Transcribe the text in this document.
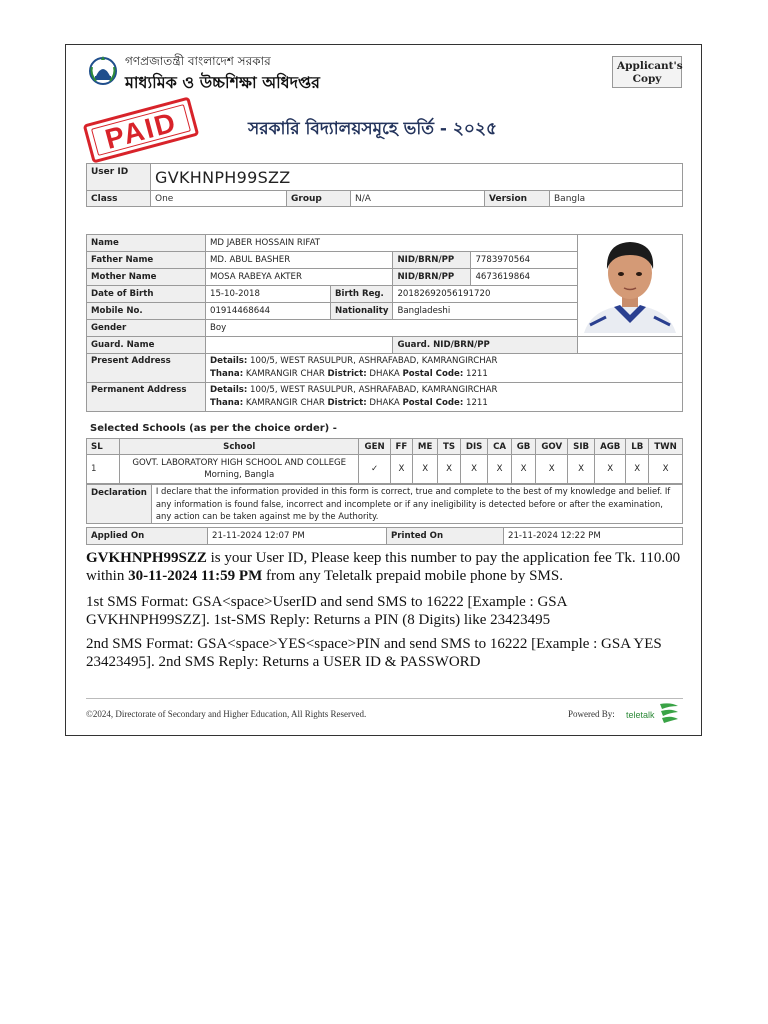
গণপ্রজাতন্ত্রী বাংলাদেশ সরকার
মাধ্যমিক ও উচ্চশিক্ষা অধিদপ্তর
Applicant's Copy
PAID	সরকারি বিদ্যালয়সমূহে ভর্তি - ২০২৫
User ID	GVKHNPH99SZZ				
Class	One	Group	N/A	Version	Bangla
Name	MD JABER HOSSAIN RIFAT	
Father Name	MD. ABUL BASHER		NID/BRN/PP	7783970564	
Mother Name	MOSA RABEYA AKTER		NID/BRN/PP	4673619864	
Date of Birth	15-10-2018	Birth Reg.	20182692056191720		
Mobile No.	01914468644	Nationality	Bangladeshi		
Gender	Boy				
Guard. Name			Guard. NID/BRN/PP		
Present Address	Details: 100/5, WEST RASULPUR, ASHRAFABAD, KAMRANGIRCHAR
Thana: KAMRANGIR CHAR District: DHAKA Postal Code: 1211				
Permanent Address	Details: 100/5, WEST RASULPUR, ASHRAFABAD, KAMRANGIRCHAR
Thana: KAMRANGIR CHAR District: DHAKA Postal Code: 1211				
Selected Schools (as per the choice order) -
SL	School	GEN	FF	ME	TS	DIS	CA	GB	GOV	SIB	AGB	LB	TWN
1	GOVT. LABORATORY HIGH SCHOOL AND COLLEGE
Morning, Bangla	✓	X	X	X	X	X	X	X	X	X	X	X
Declaration	I declare that the information provided in this form is correct, true and complete to the best of my knowledge and belief. If any information is found false, incorrect and incomplete or if any ineligibility is detected before or after the examination, any action can be taken against me by the Authority.
Applied On	21-11-2024 12:07 PM	Printed On	21-11-2024 12:22 PM
GVKHNPH99SZZ is your User ID, Please keep this number to pay the application fee Tk. 110.00 within 30-11-2024 11:59 PM from any Teletalk prepaid mobile phone by SMS.
1st SMS Format: GSA<space>UserID and send SMS to 16222 [Example : GSA GVKHNPH99SZZ]. 1st-SMS Reply: Returns a PIN (8 Digits) like 23423495
2nd SMS Format: GSA<space>YES<space>PIN and send SMS to 16222 [Example : GSA YES 23423495]. 2nd SMS Reply: Returns a USER ID & PASSWORD
©2024, Directorate of Secondary and Higher Education, All Rights Reserved.	Powered By: teletalk
